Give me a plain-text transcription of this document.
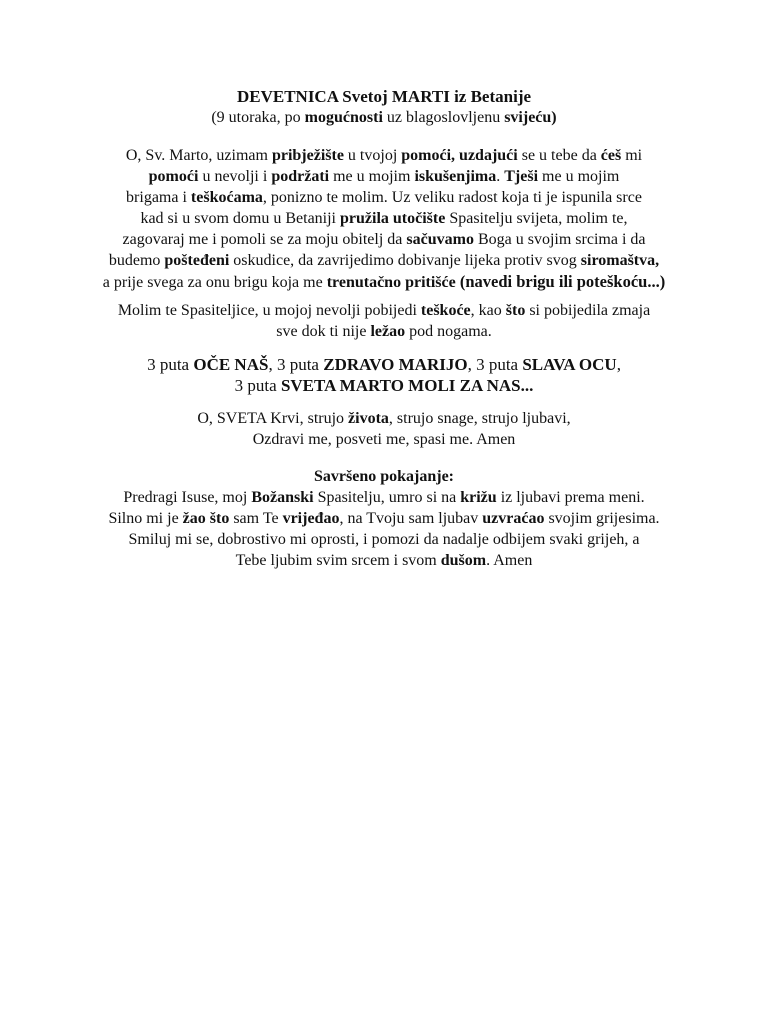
DEVETNICA Svetoj MARTI iz Betanije
(9 utoraka, po mogućnosti uz blagoslovljenu svijeću)
O, Sv. Marto, uzimam pribježište u tvojoj pomoći, uzdajući se u tebe da ćeš mi
pomoći u nevolji i podržati me u mojim iskušenjima. Tješi me u mojim
brigama i teškoćama, ponizno te molim. Uz veliku radost koja ti je ispunila srce
kad si u svom domu u Betaniji pružila utočište Spasitelju svijeta, molim te,
zagovaraj me i pomoli se za moju obitelj da sačuvamo Boga u svojim srcima i da
budemo pošteđeni oskudice, da zavrijedimo dobivanje lijeka protiv svog siromaštva,
a prije svega za onu brigu koja me trenutačno pritišće (navedi brigu ili poteškoću...)
Molim te Spasiteljice, u mojoj nevolji pobijedi teškoće, kao što si pobijedila zmaja
sve dok ti nije ležao pod nogama.
3 puta OČE NAŠ, 3 puta ZDRAVO MARIJO, 3 puta SLAVA OCU,
3 puta SVETA MARTO MOLI ZA NAS...
O, SVETA Krvi, strujo života, strujo snage, strujo ljubavi,
Ozdravi me, posveti me, spasi me. Amen
Savršeno pokajanje:
Predragi Isuse, moj Božanski Spasitelju, umro si na križu iz ljubavi prema meni.
Silno mi je žao što sam Te vrijeđao, na Tvoju sam ljubav uzvraćao svojim grijesima.
Smiluj mi se, dobrostivo mi oprosti, i pomozi da nadalje odbijem svaki grijeh, a
Tebe ljubim svim srcem i svom dušom. Amen
